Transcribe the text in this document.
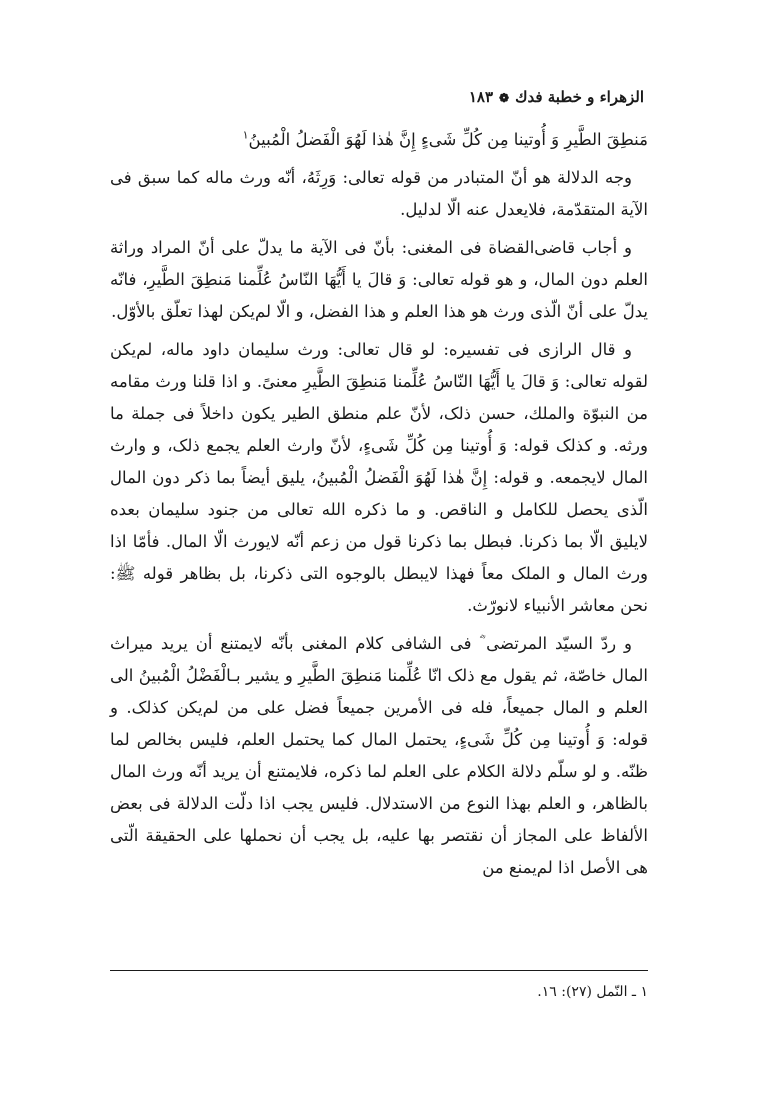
الزهراء و خطبة فدك❁١٨٣

مَنطِقَ الطَّيرِ وَ أُوتينا مِن كُلِّ شَىءٍ إِنَّ هٰذا لَهُوَ الْفَضلُ الْمُبينُ$^١$

وجه الدلالة هو أنّ المتبادر من قوله تعالى: وَرِثَهُ، أنّه ورث ماله كما سبق فى الآية المتقدّمة، فلايعدل عنه الّا لدليل.

و أجاب قاضى‌القضاة فى المغنى: بأنّ فى الآية ما يدلّ على أنّ المراد وراثة العلم دون المال، و هو قوله تعالى: وَ قالَ يا أَيُّهَا النّاسُ عُلِّمنا مَنطِقَ الطَّيرِ، فانّه يدلّ على أنّ الّذى ورث هو هذا العلم و هذا الفضل، و الّا لم‌يكن لهذا تعلّق بالأوّل.

و قال الرازى فى تفسيره: لو قال تعالى: ورث سليمان داود ماله، لم‌يكن لقوله تعالى: وَ قالَ يا أَيُّهَا النّاسُ عُلِّمنا مَنطِقَ الطَّيرِ معنىً. و اذا قلنا ورث مقامه من النبوّة والملك، حسن ذلک، لأنّ علم منطق الطير يكون داخلاً فى جملة ما ورثه. و كذلک قوله: وَ أُوتينا مِن كُلِّ شَىءٍ، لأنّ وارث العلم يجمع ذلک، و وارث المال لايجمعه. و قوله: إِنَّ هٰذا لَهُوَ الْفَضلُ الْمُبينُ، يليق أيضاً بما ذكر دون المال الّذى يحصل للكامل و الناقص. و ما ذكره الله تعالى من جنود سليمان بعده لايليق الّا بما ذكرنا. فبطل بما ذكرنا قول من زعم أنّه لايورث الّا المال. فأمّا اذا ورث المال و الملک معاً فهذا لايبطل بالوجوه التى ذكرنا، بل بظاهر قوله ﷺ: نحن معاشر الأنبياء لانورّث.

و ردّ السيّد المرتضى ؓ فى الشافى كلام المغنى بأنّه لايمتنع أن يريد ميراث المال خاصّة، ثم يقول مع ذلک انّا عُلِّمنا مَنطِقَ الطَّيرِ و يشير بـالْفَضْلُ الْمُبينُ الى العلم و المال جميعاً، فله فى الأمرين جميعاً فضل على من لم‌يكن كذلک. و قوله: وَ أُوتينا مِن كُلِّ شَىءٍ، يحتمل المال كما يحتمل العلم، فليس بخالص لما ظنّه. و لو سلّم دلالة الكلام على العلم لما ذكره، فلايمتنع أن يريد أنّه ورث المال بالظاهر، و العلم بهذا النوع من الاستدلال. فليس يجب اذا دلّت الدلالة فى بعض الألفاظ على المجاز أن نقتصر بها عليه، بل يجب أن نحملها على الحقيقة الّتى هى الأصل اذا لم‌يمنع من

١ ـ النّمل (٢٧): ١٦.
